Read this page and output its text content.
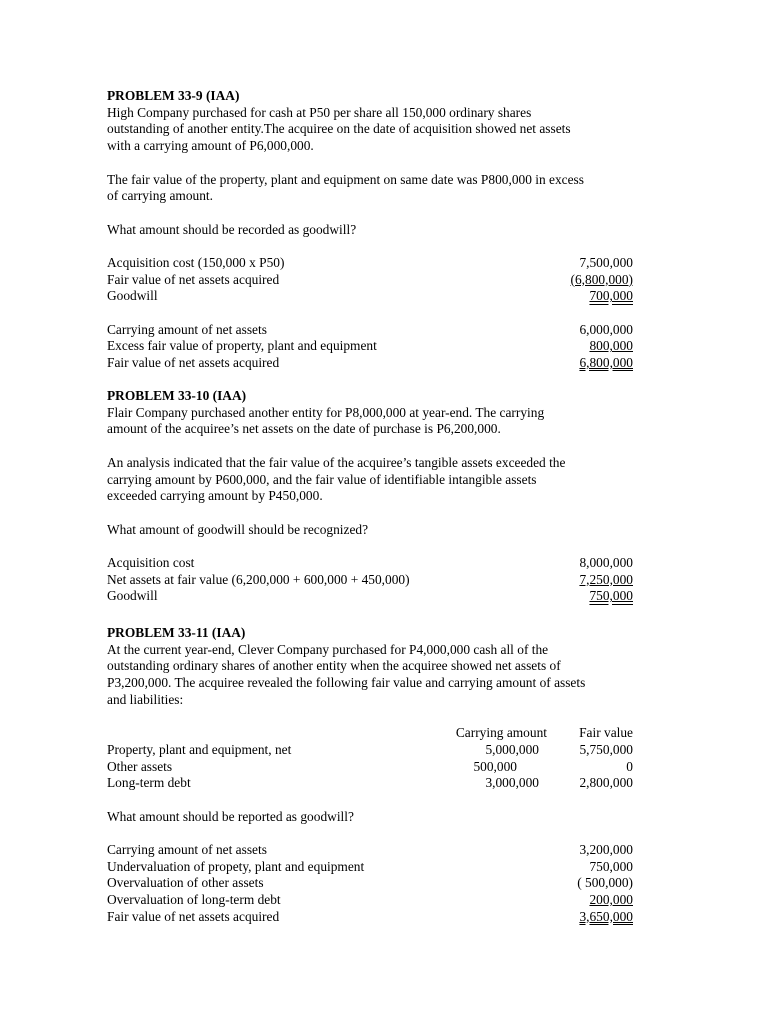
PROBLEM 33-9 (IAA)
High Company purchased for cash at P50 per share all 150,000 ordinary shares
outstanding of another entity.The acquiree on the date of acquisition showed net assets
with a carrying amount of P6,000,000.
The fair value of the property, plant and equipment on same date was P800,000 in excess
of carrying amount.
What amount should be recorded as goodwill?
Acquisition cost (150,000 x P50)	7,500,000
Fair value of net assets acquired	(6,800,000)
Goodwill	700,000
Carrying amount of net assets	6,000,000
Excess fair value of property, plant and equipment	800,000
Fair value of net assets acquired	6,800,000
PROBLEM 33-10 (IAA)
Flair Company purchased another entity for P8,000,000 at year-end. The carrying
amount of the acquiree’s net assets on the date of purchase is P6,200,000.
An analysis indicated that the fair value of the acquiree’s tangible assets exceeded the
carrying amount by P600,000, and the fair value of identifiable intangible assets
exceeded carrying amount by P450,000.
What amount of goodwill should be recognized?
Acquisition cost	8,000,000
Net assets at fair value (6,200,000 + 600,000 + 450,000)	7,250,000
Goodwill	750,000
PROBLEM 33-11 (IAA)
At the current year-end, Clever Company purchased for P4,000,000 cash all of the
outstanding ordinary shares of another entity when the acquiree showed net assets of
P3,200,000. The acquiree revealed the following fair value and carrying amount of assets
and liabilities:
Carrying amount Fair value
Property, plant and equipment, net	5,000,000	5,750,000
Other assets	500,000	0
Long-term debt	3,000,000	2,800,000
What amount should be reported as goodwill?
Carrying amount of net assets	3,200,000
Undervaluation of propety, plant and equipment	750,000
Overvaluation of other assets	( 500,000)
Overvaluation of long-term debt	200,000
Fair value of net assets acquired	3,650,000
